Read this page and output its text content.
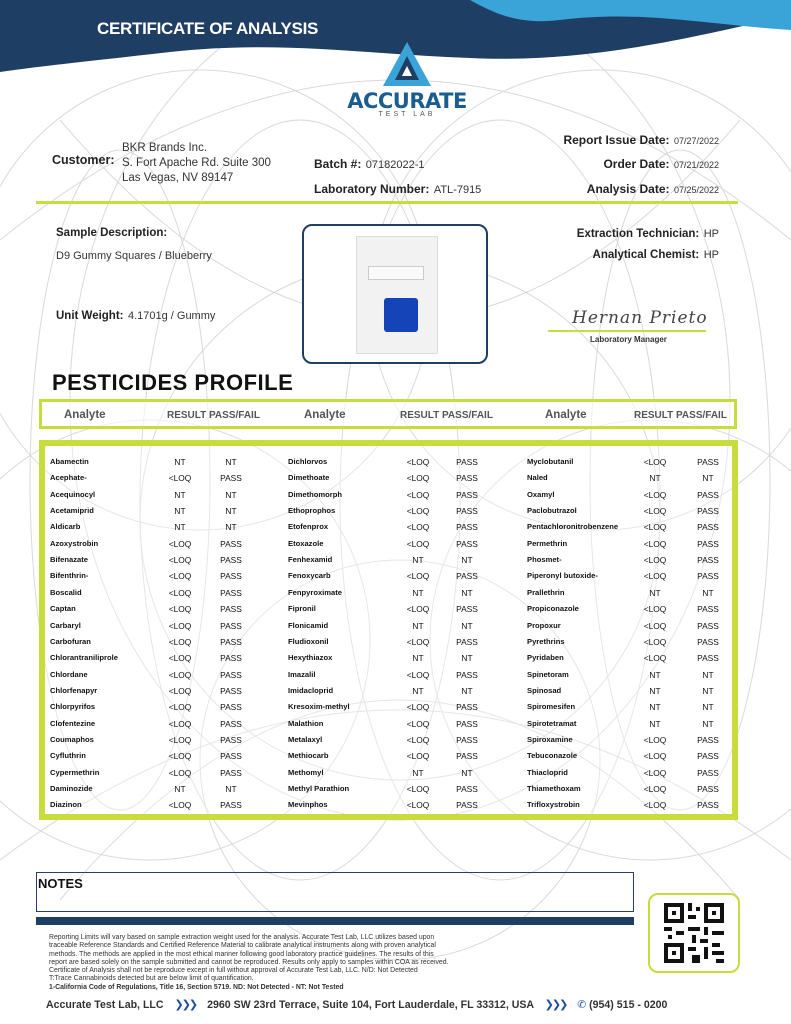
CERTIFICATE OF ANALYSIS
ACCURATE
TEST LAB
Customer:
BKR Brands Inc.
S. Fort Apache Rd. Suite 300
Las Vegas, NV 89147
Batch #: 07182022-1
Laboratory Number: ATL-7915
Report Issue Date: 07/27/2022
Order Date: 07/21/2022
Analysis Date: 07/25/2022
Sample Description:
D9 Gummy Squares / Blueberry
Unit Weight: 4.1701g / Gummy
Extraction Technician: HP
Analytical Chemist: HP
Hernan Prieto
Laboratory Manager
PESTICIDES PROFILE
Analyte	RESULT PASS/FAIL	Analyte	RESULT PASS/FAIL	Analyte	RESULT PASS/FAIL
Abamectin	NT	NT
Acephate-	<LOQ	PASS
Acequinocyl	NT	NT
Acetamiprid	NT	NT
Aldicarb	NT	NT
Azoxystrobin	<LOQ	PASS
Bifenazate	<LOQ	PASS
Bifenthrin-	<LOQ	PASS
Boscalid	<LOQ	PASS
Captan	<LOQ	PASS
Carbaryl	<LOQ	PASS
Carbofuran	<LOQ	PASS
Chlorantraniliprole	<LOQ	PASS
Chlordane	<LOQ	PASS
Chlorfenapyr	<LOQ	PASS
Chlorpyrifos	<LOQ	PASS
Clofentezine	<LOQ	PASS
Coumaphos	<LOQ	PASS
Cyfluthrin	<LOQ	PASS
Cypermethrin	<LOQ	PASS
Daminozide	NT	NT
Diazinon	<LOQ	PASS
Dichlorvos	<LOQ	PASS
Dimethoate	<LOQ	PASS
Dimethomorph	<LOQ	PASS
Ethoprophos	<LOQ	PASS
Etofenprox	<LOQ	PASS
Etoxazole	<LOQ	PASS
Fenhexamid	NT	NT
Fenoxycarb	<LOQ	PASS
Fenpyroximate	NT	NT
Fipronil	<LOQ	PASS
Flonicamid	NT	NT
Fludioxonil	<LOQ	PASS
Hexythiazox	NT	NT
Imazalil	<LOQ	PASS
Imidacloprid	NT	NT
Kresoxim-methyl	<LOQ	PASS
Malathion	<LOQ	PASS
Metalaxyl	<LOQ	PASS
Methiocarb	<LOQ	PASS
Methomyl	NT	NT
Methyl Parathion	<LOQ	PASS
Mevinphos	<LOQ	PASS
Myclobutanil	<LOQ	PASS
Naled	NT	NT
Oxamyl	<LOQ	PASS
Paclobutrazol	<LOQ	PASS
Pentachloronitrobenzene	<LOQ	PASS
Permethrin	<LOQ	PASS
Phosmet-	<LOQ	PASS
Piperonyl butoxide-	<LOQ	PASS
Prallethrin	NT	NT
Propiconazole	<LOQ	PASS
Propoxur	<LOQ	PASS
Pyrethrins	<LOQ	PASS
Pyridaben	<LOQ	PASS
Spinetoram	NT	NT
Spinosad	NT	NT
Spiromesifen	NT	NT
Spirotetramat	NT	NT
Spiroxamine	<LOQ	PASS
Tebuconazole	<LOQ	PASS
Thiacloprid	<LOQ	PASS
Thiamethoxam	<LOQ	PASS
Trifloxystrobin	<LOQ	PASS
NOTES
Reporting Limits will vary based on sample extraction weight used for the analysis. Accurate Test Lab, LLC utilizes based upon
traceable Reference Standards and Certified Reference Material to calibrate analytical instruments along with proven analytical
methods. The methods are applied in the most ethical manner following good laboratory practice guidelines. The results of this
report are based solely on the sample submitted and cannot be reproduced. Results only apply to samples within COA as received.
Certificate of Analysis shall not be reproduce except in full without approval of Accurate Test Lab, LLC. N/D: Not Detected
T:Trace Cannabinoids detected but are below limit of quantification.
1-California Code of Regulations, Title 16, Section 5719. ND: Not Detected - NT: Not Tested
Accurate Test Lab, LLC ❯❯❯ 2960 SW 23rd Terrace, Suite 104, Fort Lauderdale, FL 33312, USA ❯❯❯ ✆ (954) 515 - 0200
